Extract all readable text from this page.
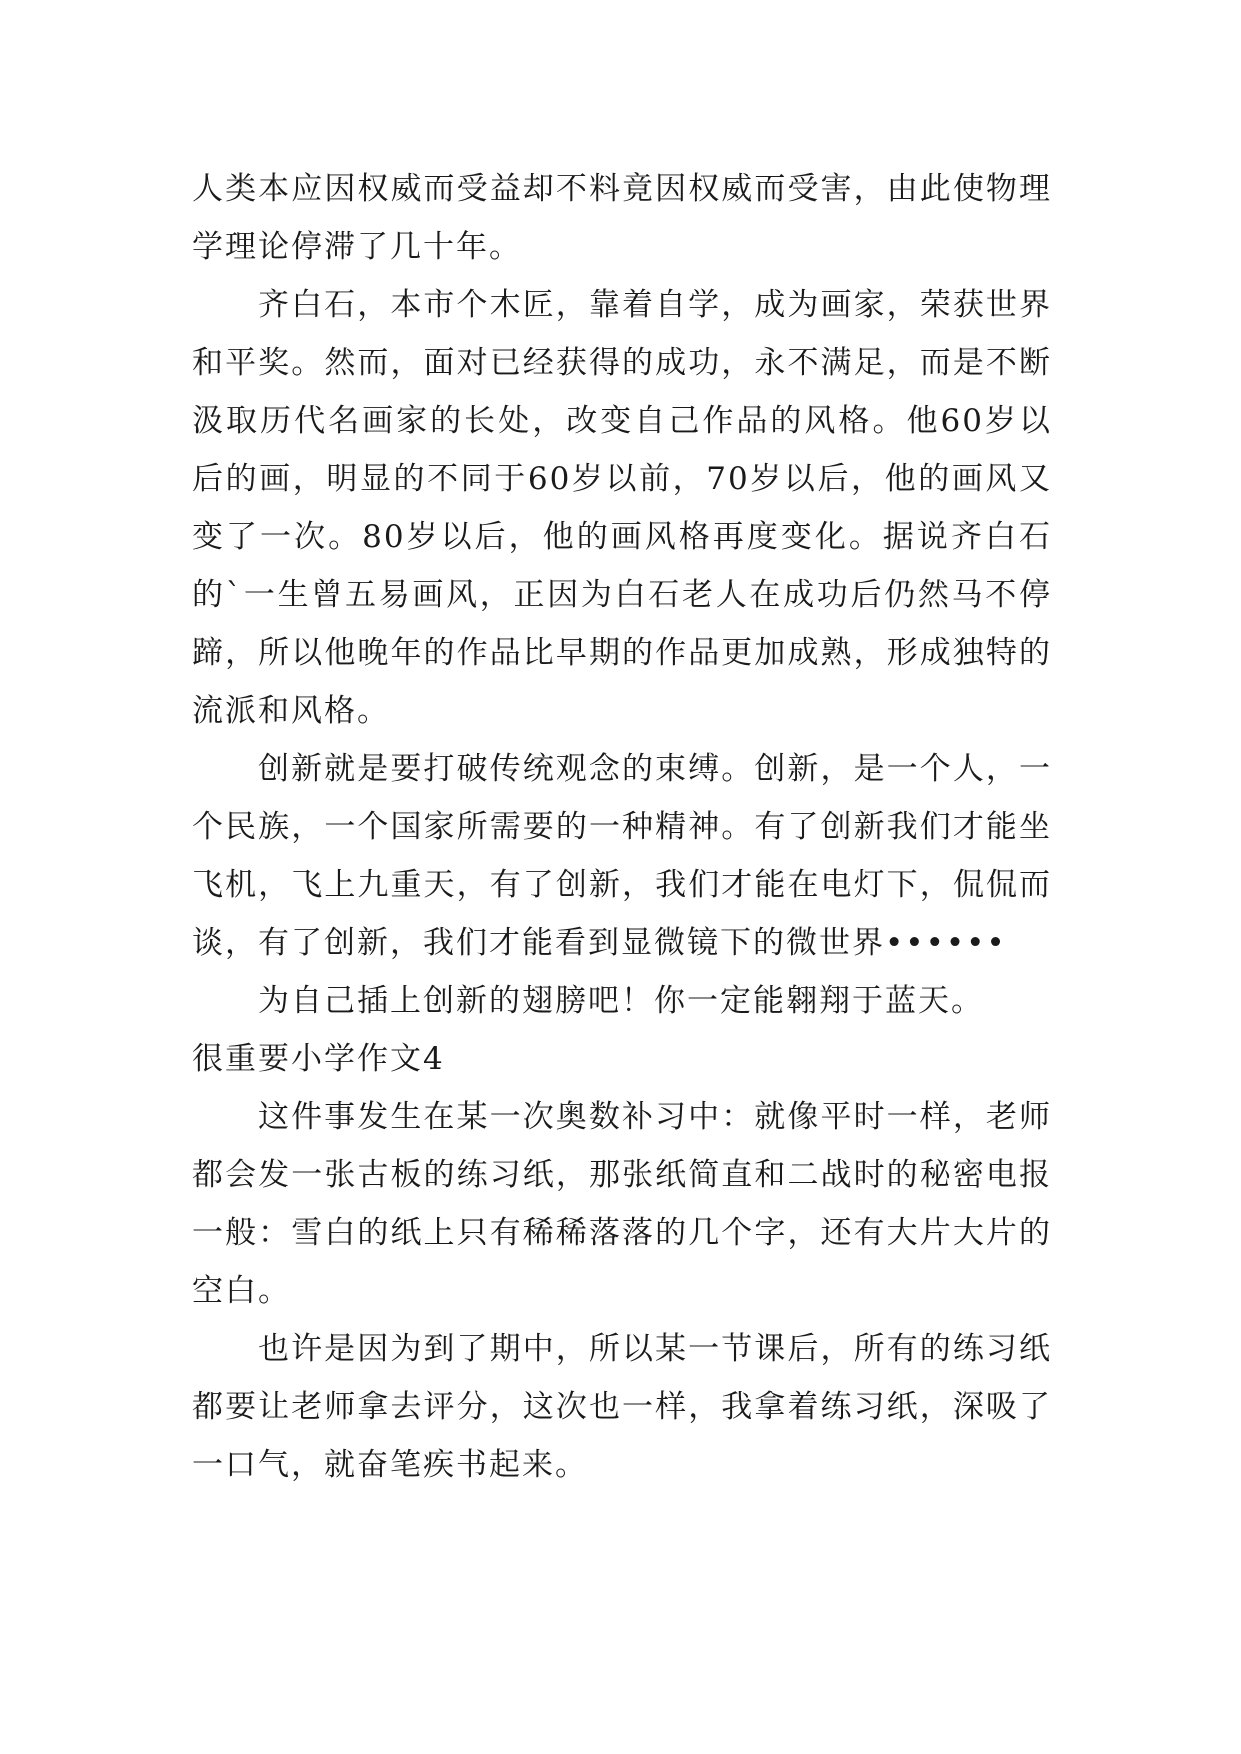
人类本应因权威而受益却不料竟因权威而受害，由此使物理学理论停滞了几十年。

齐白石，本市个木匠，靠着自学，成为画家，荣获世界和平奖。然而，面对已经获得的成功，永不满足，而是不断汲取历代名画家的长处，改变自己作品的风格。他60岁以后的画，明显的不同于60岁以前，70岁以后，他的画风又变了一次。80岁以后，他的画风格再度变化。据说齐白石的`一生曾五易画风，正因为白石老人在成功后仍然马不停蹄，所以他晚年的作品比早期的作品更加成熟，形成独特的流派和风格。

创新就是要打破传统观念的束缚。创新，是一个人，一个民族，一个国家所需要的一种精神。有了创新我们才能坐飞机，飞上九重天，有了创新，我们才能在电灯下，侃侃而谈，有了创新，我们才能看到显微镜下的微世界••••••

为自己插上创新的翅膀吧！你一定能翱翔于蓝天。

很重要小学作文4

这件事发生在某一次奥数补习中：就像平时一样，老师都会发一张古板的练习纸，那张纸简直和二战时的秘密电报一般：雪白的纸上只有稀稀落落的几个字，还有大片大片的空白。

也许是因为到了期中，所以某一节课后，所有的练习纸都要让老师拿去评分，这次也一样，我拿着练习纸，深吸了一口气，就奋笔疾书起来。
